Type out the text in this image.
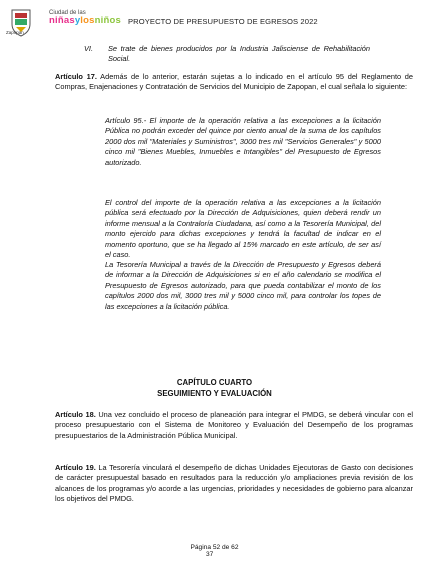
Zapopan
Ciudad de las
niñasylosniños PROYECTO DE PRESUPUESTO DE EGRESOS 2022
VI. Se trate de bienes producidos por la Industria Jalisciense de Rehabilitación Social.

Artículo 17. Además de lo anterior, estarán sujetas a lo indicado en el artículo 95 del Reglamento de Compras, Enajenaciones y Contratación de Servicios del Municipio de Zapopan, el cual señala lo siguiente:

Artículo 95.- El importe de la operación relativa a las excepciones a la licitación Pública no podrán exceder del quince por ciento anual de la suma de los capítulos 2000 dos mil "Materiales y Suministros", 3000 tres mil "Servicios Generales" y 5000 cinco mil "Bienes Muebles, Inmuebles e Intangibles" del Presupuesto de Egresos autorizado.

El control del importe de la operación relativa a las excepciones a la licitación pública será efectuado por la Dirección de Adquisiciones, quien deberá rendir un informe mensual a la Contraloría Ciudadana, así como a la Tesorería Municipal, del monto ejercido para dichas excepciones y tendrá la facultad de indicar en el momento oportuno, que se ha llegado al 15% marcado en este artículo, de ser así el caso.

La Tesorería Municipal a través de la Dirección de Presupuesto y Egresos deberá de informar a la Dirección de Adquisiciones si en el año calendario se modifica el Presupuesto de Egresos autorizado, para que pueda contabilizar el monto de los capítulos 2000 dos mil, 3000 tres mil y 5000 cinco mil, para controlar los topes de las excepciones a la licitación pública.

CAPÍTULO CUARTO
SEGUIMIENTO Y EVALUACIÓN

Artículo 18. Una vez concluido el proceso de planeación para integrar el PMDG, se deberá vincular con el proceso presupuestario con el Sistema de Monitoreo y Evaluación del Desempeño de los programas presupuestarios de la Administración Pública Municipal.

Artículo 19. La Tesorería vinculará el desempeño de dichas Unidades Ejecutoras de Gasto con decisiones de carácter presupuestal basado en resultados para la reducción y/o ampliaciones previa revisión de los alcances de los programas y/o acorde a las urgencias, prioridades y necesidades de gobierno para alcanzar los objetivos del PMDG.

Página 52 de 62
37
